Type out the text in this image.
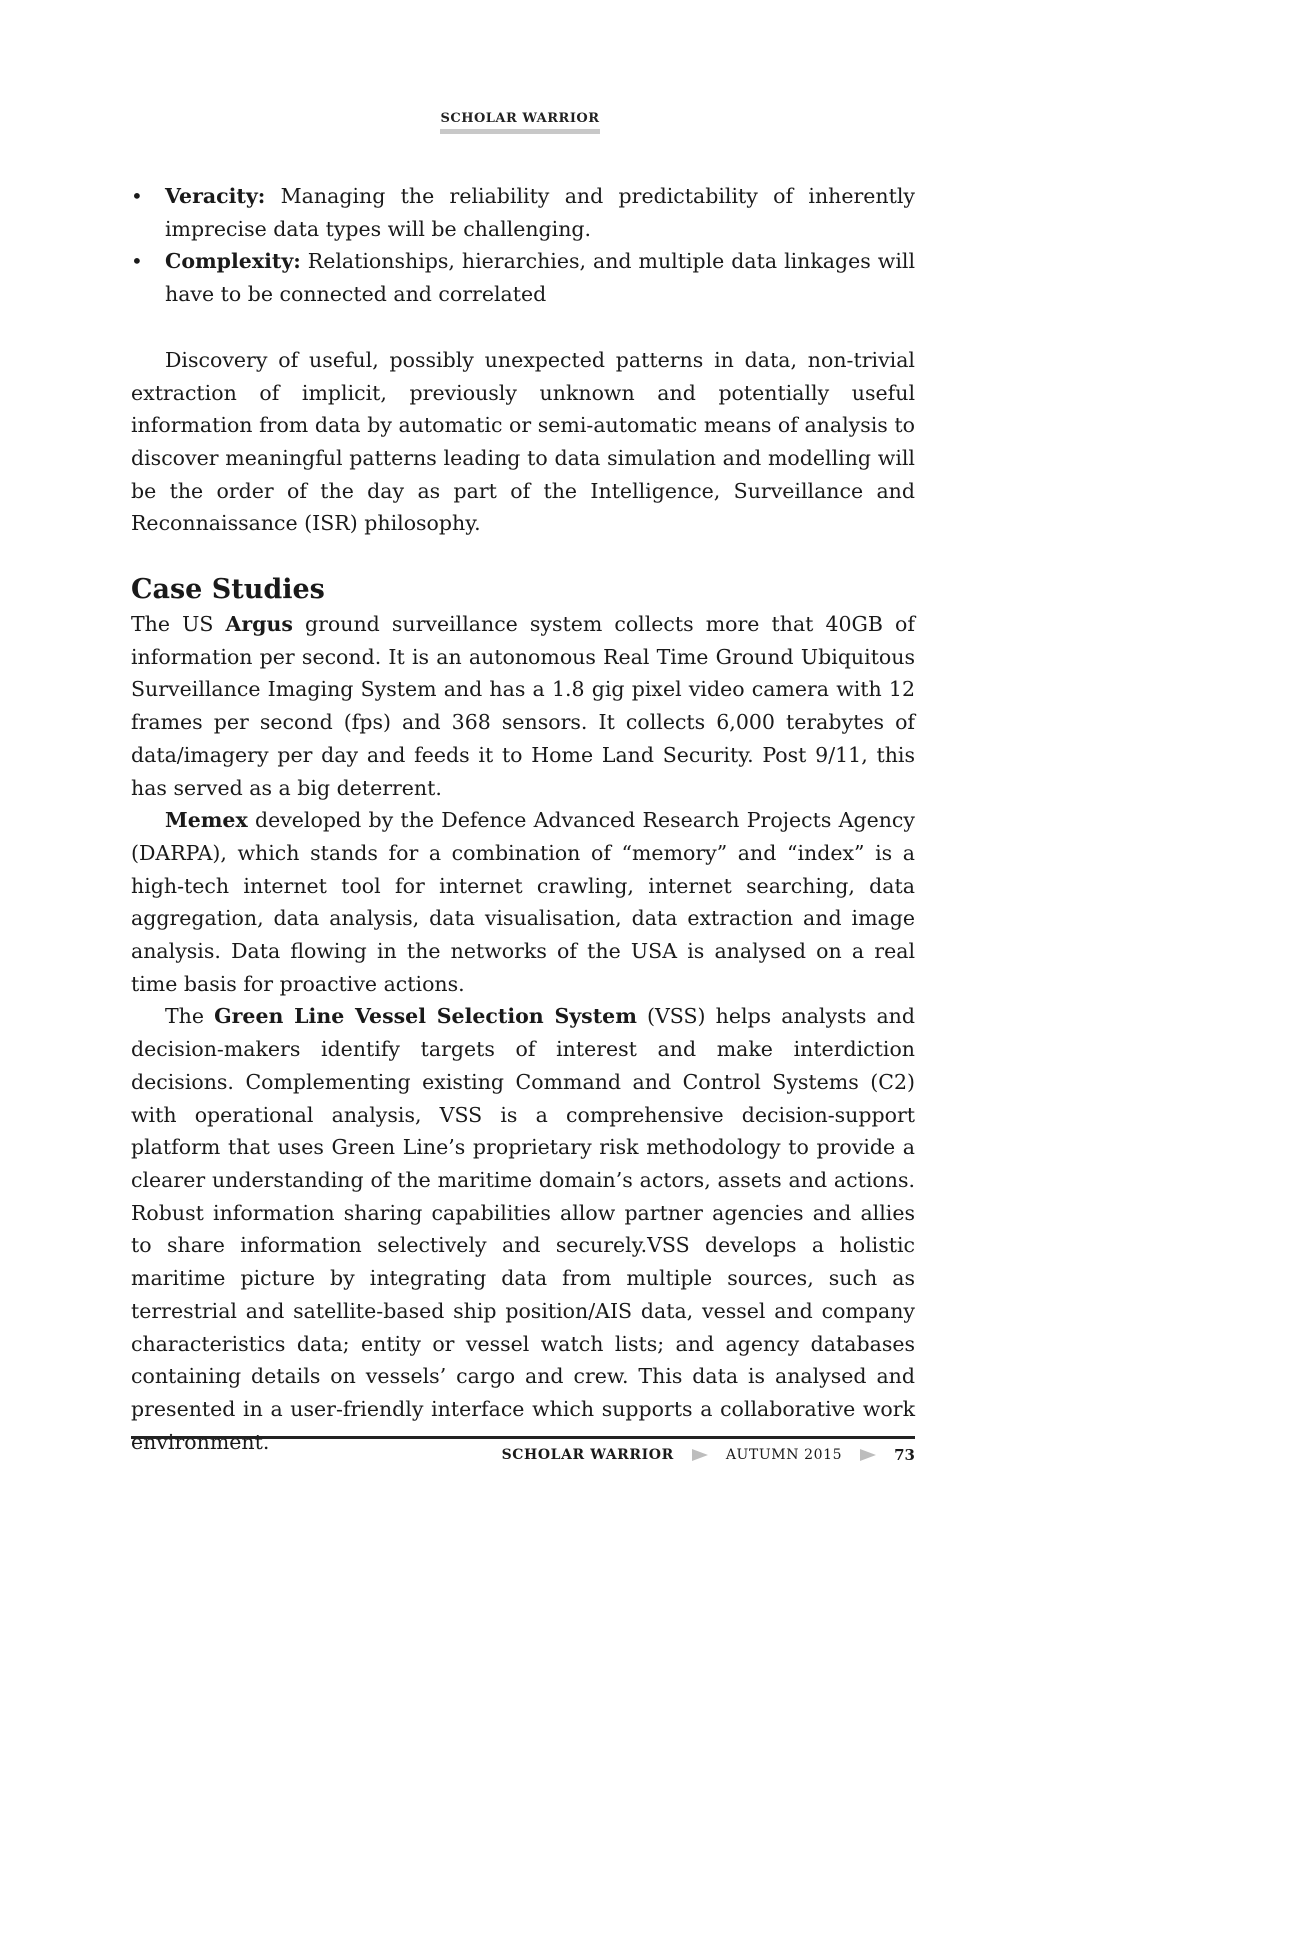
SCHOLAR WARRIOR
• Veracity: Managing the reliability and predictability of inherently imprecise data types will be challenging.
• Complexity: Relationships, hierarchies, and multiple data linkages will have to be connected and correlated

Discovery of useful, possibly unexpected patterns in data, non-trivial extraction of implicit, previously unknown and potentially useful information from data by automatic or semi-automatic means of analysis to discover meaningful patterns leading to data simulation and modelling will be the order of the day as part of the Intelligence, Surveillance and Reconnaissance (ISR) philosophy.

Case Studies

The US Argus ground surveillance system collects more that 40GB of information per second. It is an autonomous Real Time Ground Ubiquitous Surveillance Imaging System and has a 1.8 gig pixel video camera with 12 frames per second (fps) and 368 sensors. It collects 6,000 terabytes of data/imagery per day and feeds it to Home Land Security. Post 9/11, this has served as a big deterrent.

Memex developed by the Defence Advanced Research Projects Agency (DARPA), which stands for a combination of “memory” and “index” is a high-tech internet tool for internet crawling, internet searching, data aggregation, data analysis, data visualisation, data extraction and image analysis. Data flowing in the networks of the USA is analysed on a real time basis for proactive actions.

The Green Line Vessel Selection System (VSS) helps analysts and decision-makers identify targets of interest and make interdiction decisions. Complementing existing Command and Control Systems (C2) with operational analysis, VSS is a comprehensive decision-support platform that uses Green Line’s proprietary risk methodology to provide a clearer understanding of the maritime domain’s actors, assets and actions. Robust information sharing capabilities allow partner agencies and allies to share information selectively and securely.VSS develops a holistic maritime picture by integrating data from multiple sources, such as terrestrial and satellite-based ship position/AIS data, vessel and company characteristics data; entity or vessel watch lists; and agency databases containing details on vessels’ cargo and crew. This data is analysed and presented in a user-friendly interface which supports a collaborative work environment.

SCHOLAR WARRIOR	AUTUMN 2015	73
